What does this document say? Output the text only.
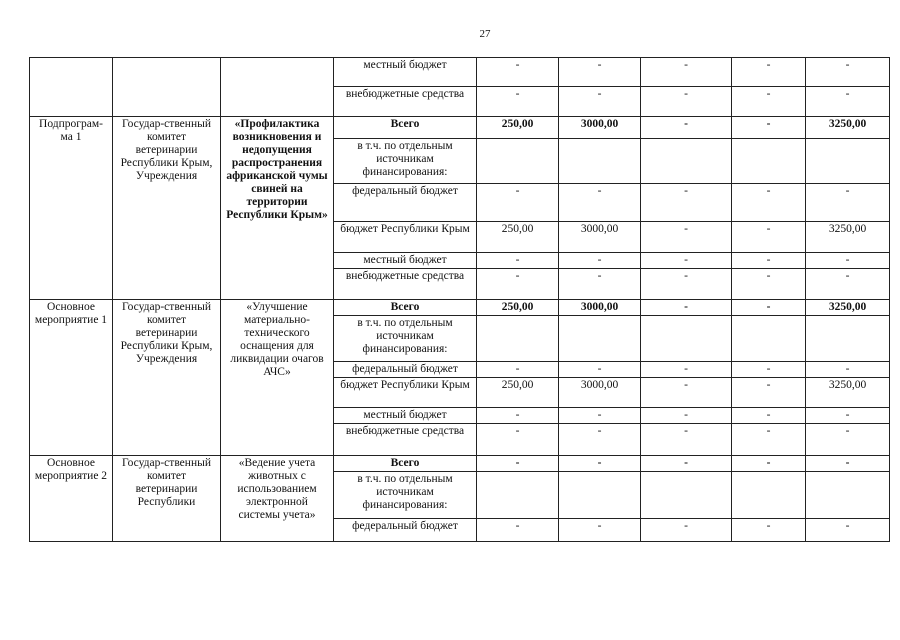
27
			местный бюджет	-	-	-	-	-
			внебюджетные средства	-	-	-	-	-
Подпрограм-ма 1	Государ-ственный комитет ветеринарии Республики Крым, Учреждения	«Профилактика возникновения и недопущения распространения африканской чумы свиней на территории Республики Крым»	Всего	250,00	3000,00	-	-	3250,00
			в т.ч. по отдельным источникам финансирования:					
			федеральный бюджет	-	-	-	-	-
			бюджет Республики Крым	250,00	3000,00	-	-	3250,00
			местный бюджет	-	-	-	-	-
			внебюджетные средства	-	-	-	-	-
Основное мероприятие 1	Государ-ственный комитет ветеринарии Республики Крым, Учреждения	«Улучшение материально-технического оснащения для ликвидации очагов АЧС»	Всего	250,00	3000,00	-	-	3250,00
			в т.ч. по отдельным источникам финансирования:					
			федеральный бюджет	-	-	-	-	-
			бюджет Республики Крым	250,00	3000,00	-	-	3250,00
			местный бюджет	-	-	-	-	-
			внебюджетные средства	-	-	-	-	-
Основное мероприятие 2	Государ-ственный комитет ветеринарии Республики	«Ведение учета животных с использованием электронной системы учета»	Всего	-	-	-	-	-
			в т.ч. по отдельным источникам финансирования:					
			федеральный бюджет	-	-	-	-	-
